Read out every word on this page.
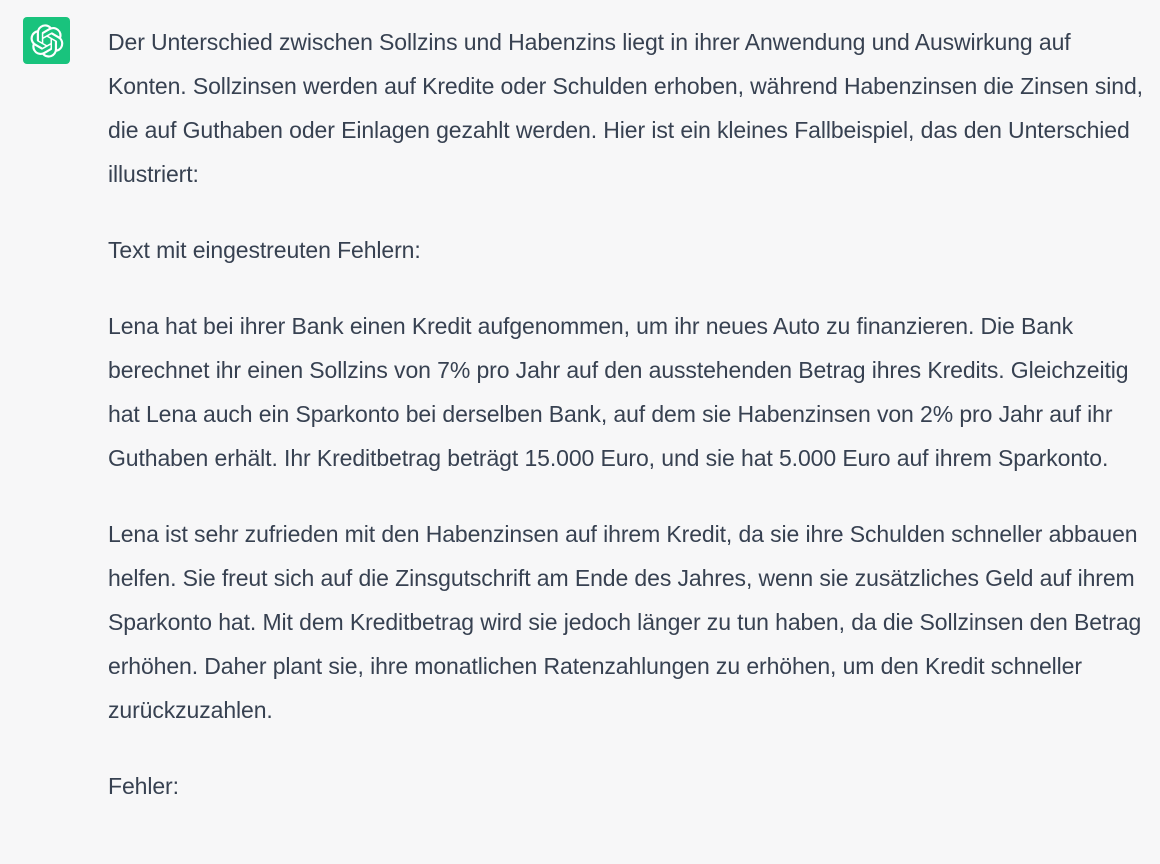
Der Unterschied zwischen Sollzins und Habenzins liegt in ihrer Anwendung und Auswirkung auf Konten. Sollzinsen werden auf Kredite oder Schulden erhoben, während Habenzinsen die Zinsen sind, die auf Guthaben oder Einlagen gezahlt werden. Hier ist ein kleines Fallbeispiel, das den Unterschied illustriert:

Text mit eingestreuten Fehlern:

Lena hat bei ihrer Bank einen Kredit aufgenommen, um ihr neues Auto zu finanzieren. Die Bank berechnet ihr einen Sollzins von 7% pro Jahr auf den ausstehenden Betrag ihres Kredits. Gleichzeitig hat Lena auch ein Sparkonto bei derselben Bank, auf dem sie Habenzinsen von 2% pro Jahr auf ihr Guthaben erhält. Ihr Kreditbetrag beträgt 15.000 Euro, und sie hat 5.000 Euro auf ihrem Sparkonto.

Lena ist sehr zufrieden mit den Habenzinsen auf ihrem Kredit, da sie ihre Schulden schneller abbauen helfen. Sie freut sich auf die Zinsgutschrift am Ende des Jahres, wenn sie zusätzliches Geld auf ihrem Sparkonto hat. Mit dem Kreditbetrag wird sie jedoch länger zu tun haben, da die Sollzinsen den Betrag erhöhen. Daher plant sie, ihre monatlichen Ratenzahlungen zu erhöhen, um den Kredit schneller zurückzuzahlen.

Fehler:
